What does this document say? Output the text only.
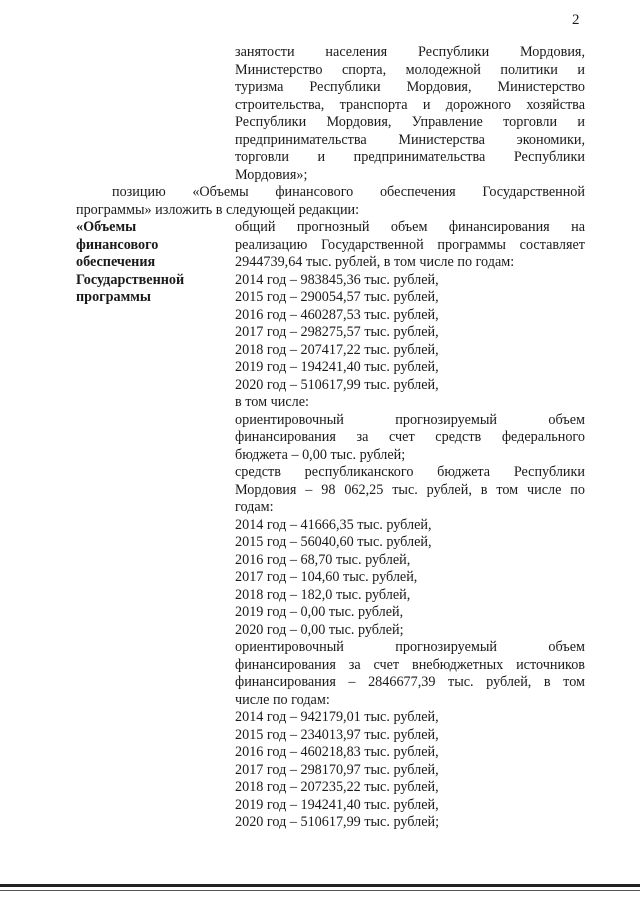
2
занятости населения Республики Мордовия,
Министерство спорта, молодежной политики и
туризма Республики Мордовия, Министерство
строительства, транспорта и дорожного хозяйства
Республики Мордовия, Управление торговли и
предпринимательства Министерства экономики,
торговли и предпринимательства Республики
Мордовия»;
позицию «Объемы финансового обеспечения Государственной
программы» изложить в следующей редакции:
«Объемы
финансового
обеспечения
Государственной
программы
общий прогнозный объем финансирования на
реализацию Государственной программы составляет
2944739,64 тыс. рублей, в том числе по годам:
2014 год – 983845,36 тыс. рублей,
2015 год – 290054,57 тыс. рублей,
2016 год – 460287,53 тыс. рублей,
2017 год – 298275,57 тыс. рублей,
2018 год – 207417,22 тыс. рублей,
2019 год – 194241,40 тыс. рублей,
2020 год – 510617,99 тыс. рублей,
в том числе:
ориентировочный прогнозируемый объем
финансирования за счет средств федерального
бюджета – 0,00 тыс. рублей;
средств республиканского бюджета Республики
Мордовия – 98 062,25 тыс. рублей, в том числе по
годам:
2014 год – 41666,35 тыс. рублей,
2015 год – 56040,60 тыс. рублей,
2016 год – 68,70 тыс. рублей,
2017 год – 104,60 тыс. рублей,
2018 год – 182,0 тыс. рублей,
2019 год – 0,00 тыс. рублей,
2020 год – 0,00 тыс. рублей;
ориентировочный прогнозируемый объем
финансирования за счет внебюджетных источников
финансирования – 2846677,39 тыс. рублей, в том
числе по годам:
2014 год – 942179,01 тыс. рублей,
2015 год – 234013,97 тыс. рублей,
2016 год – 460218,83 тыс. рублей,
2017 год – 298170,97 тыс. рублей,
2018 год – 207235,22 тыс. рублей,
2019 год – 194241,40 тыс. рублей,
2020 год – 510617,99 тыс. рублей;
